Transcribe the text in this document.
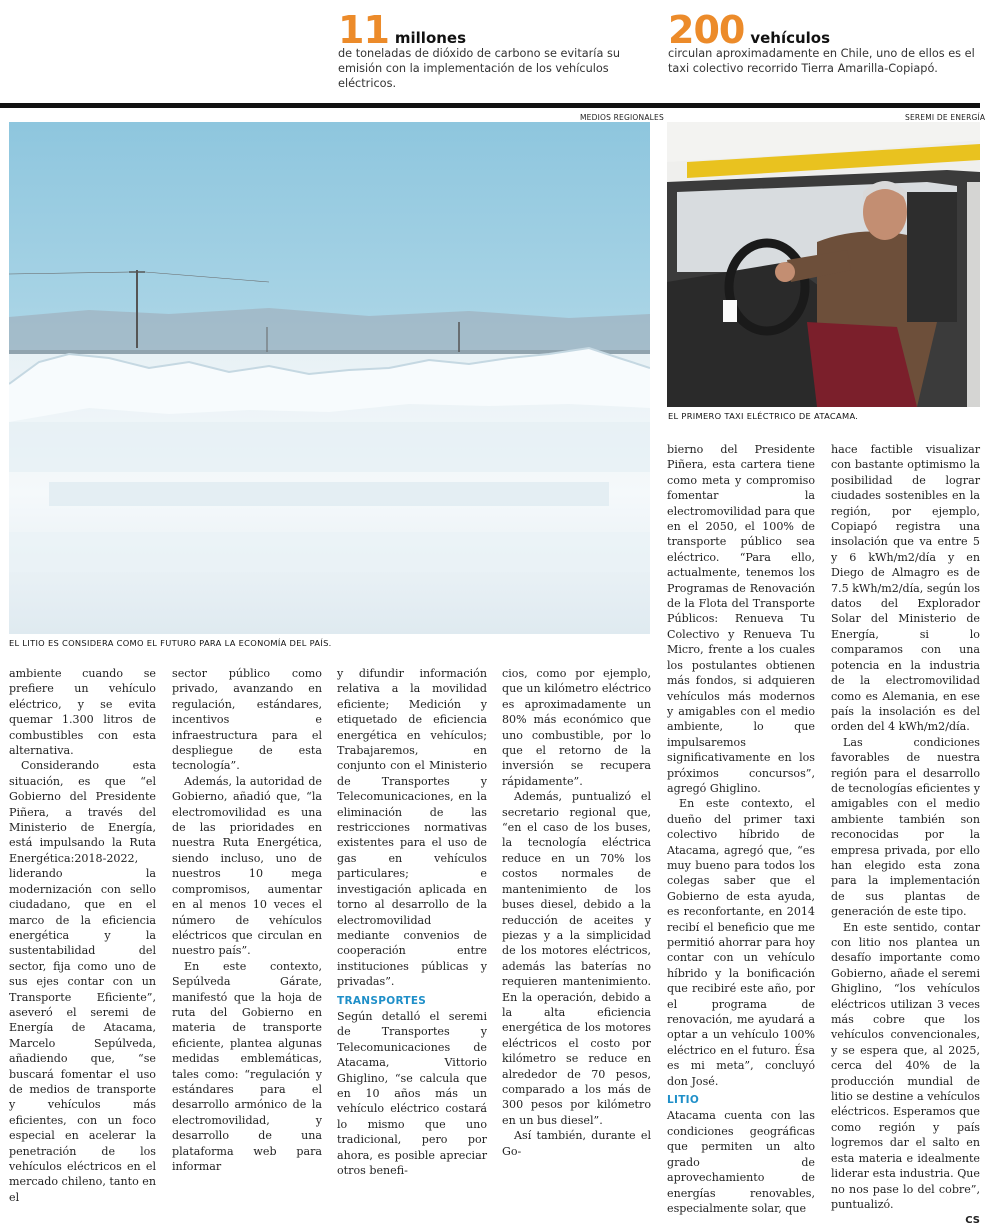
11 millones
de toneladas de dióxido de carbono se evitaría su emisión con la implementación de los vehículos eléctricos.
200 vehículos
circulan aproximadamente en Chile, uno de ellos es el taxi colectivo recorrido Tierra Amarilla-Copiapó.
MEDIOS REGIONALES
EL LITIO ES CONSIDERA COMO EL FUTURO PARA LA ECONOMÍA DEL PAÍS.
SEREMI DE ENERGÍA
EL PRIMERO TAXI ELÉCTRICO DE ATACAMA.

ambiente cuando se prefiere un vehículo eléctrico, y se evita quemar 1.300 litros de combustibles con esta alternativa.

Considerando esta situación, es que “el Gobierno del Presidente Piñera, a través del Ministerio de Energía, está impulsando la Ruta Energética:2018-2022, liderando la modernización con sello ciudadano, que en el marco de la eficiencia energética y la sustentabilidad del sector, fija como uno de sus ejes contar con un Transporte Eficiente”, aseveró el seremi de Energía de Atacama, Marcelo Sepúlveda, añadiendo que, “se buscará fomentar el uso de medios de transporte y vehículos más eficientes, con un foco especial en acelerar la penetración de los vehículos eléctricos en el mercado chileno, tanto en el

sector público como privado, avanzando en regulación, estándares, incentivos e infraestructura para el despliegue de esta tecnología”.

Además, la autoridad de Gobierno, añadió que, “la electromovilidad es una de las prioridades en nuestra Ruta Energética, siendo incluso, uno de nuestros 10 mega compromisos, aumentar en al menos 10 veces el número de vehículos eléctricos que circulan en nuestro país”.

En este contexto, Sepúlveda Gárate, manifestó que la hoja de ruta del Gobierno en materia de transporte eficiente, plantea algunas medidas emblemáticas, tales como: “regulación y estándares para el desarrollo armónico de la electromovilidad, y desarrollo de una plataforma web para informar

y difundir información relativa a la movilidad eficiente; Medición y etiquetado de eficiencia energética en vehículos; Trabajaremos, en conjunto con el Ministerio de Transportes y Telecomunicaciones, en la eliminación de las restricciones normativas existentes para el uso de gas en vehículos particulares; e investigación aplicada en torno al desarrollo de la electromovilidad mediante convenios de cooperación entre instituciones públicas y privadas”.

TRANSPORTES

Según detalló el seremi de Transportes y Telecomunicaciones de Atacama, Vittorio Ghiglino, “se calcula que en 10 años más un vehículo eléctrico costará lo mismo que uno tradicional, pero por ahora, es posible apreciar otros benefi-

cios, como por ejemplo, que un kilómetro eléctrico es aproximadamente un 80% más económico que uno combustible, por lo que el retorno de la inversión se recupera rápidamente”.

Además, puntualizó el secretario regional que, “en el caso de los buses, la tecnología eléctrica reduce en un 70% los costos normales de mantenimiento de los buses diesel, debido a la reducción de aceites y piezas y a la simplicidad de los motores eléctricos, además las baterías no requieren mantenimiento. En la operación, debido a la alta eficiencia energética de los motores eléctricos el costo por kilómetro se reduce en alrededor de 70 pesos, comparado a los más de 300 pesos por kilómetro en un bus diesel”.

Así también, durante el Go-

bierno del Presidente Piñera, esta cartera tiene como meta y compromiso fomentar la electromovilidad para que en el 2050, el 100% de transporte público sea eléctrico. “Para ello, actualmente, tenemos los Programas de Renovación de la Flota del Transporte Públicos: Renueva Tu Colectivo y Renueva Tu Micro, frente a los cuales los postulantes obtienen más fondos, si adquieren vehículos más modernos y amigables con el medio ambiente, lo que impulsaremos significativamente en los próximos concursos”, agregó Ghiglino.

En este contexto, el dueño del primer taxi colectivo híbrido de Atacama, agregó que, “es muy bueno para todos los colegas saber que el Gobierno de esta ayuda, es reconfortante, en 2014 recibí el beneficio que me permitió ahorrar para hoy contar con un vehículo híbrido y la bonificación que recibiré este año, por el programa de renovación, me ayudará a optar a un vehículo 100% eléctrico en el futuro. Ésa es mi meta”, concluyó don José.

LITIO

Atacama cuenta con las condiciones geográficas que permiten un alto grado de aprovechamiento de energías renovables, especialmente solar, que

hace factible visualizar con bastante optimismo la posibilidad de lograr ciudades sostenibles en la región, por ejemplo, Copiapó registra una insolación que va entre 5 y 6 kWh/m2/día y en Diego de Almagro es de 7.5 kWh/m2/día, según los datos del Explorador Solar del Ministerio de Energía, si lo comparamos con una potencia en la industria de la electromovilidad como es Alemania, en ese país la insolación es del orden del 4 kWh/m2/día.

Las condiciones favorables de nuestra región para el desarrollo de tecnologías eficientes y amigables con el medio ambiente también son reconocidas por la empresa privada, por ello han elegido esta zona para la implementación de sus plantas de generación de este tipo.

En este sentido, contar con litio nos plantea un desafío importante como Gobierno, añade el seremi Ghiglino, “los vehículos eléctricos utilizan 3 veces más cobre que los vehículos convencionales, y se espera que, al 2025, cerca del 40% de la producción mundial de litio se destine a vehículos eléctricos. Esperamos que como región y país logremos dar el salto en esta materia e idealmente liderar esta industria. Que no nos pase lo del cobre”, puntualizó.

CS
